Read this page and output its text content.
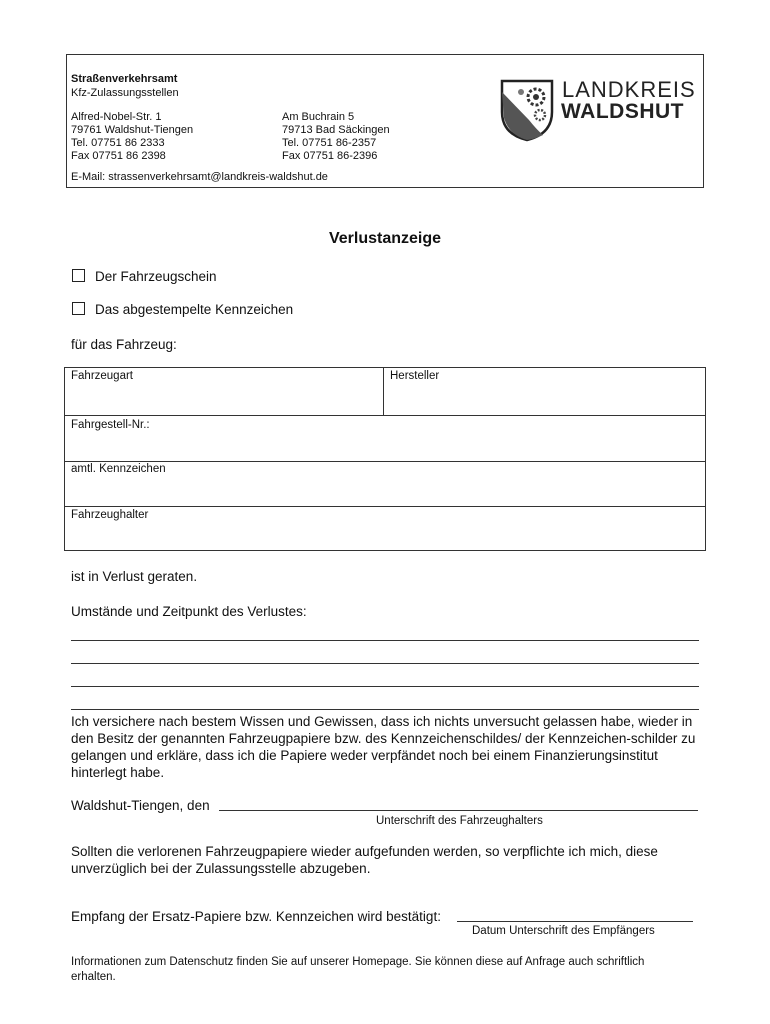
Straßenverkehrsamt
Kfz-Zulassungsstellen
Alfred-Nobel-Str. 1
79761 Waldshut-Tiengen
Tel. 07751 86 2333
Fax 07751 86 2398
Am Buchrain 5
79713 Bad Säckingen
Tel. 07751 86-2357
Fax 07751 86-2396
E-Mail: strassenverkehrsamt@landkreis-waldshut.de
LANDKREIS
WALDSHUT
Verlustanzeige
Der Fahrzeugschein
Das abgestempelte Kennzeichen
für das Fahrzeug:
Fahrzeugart	Hersteller
Fahrgestell-Nr.:
amtl. Kennzeichen
Fahrzeughalter
ist in Verlust geraten.
Umstände und Zeitpunkt des Verlustes:
Ich versichere nach bestem Wissen und Gewissen, dass ich nichts unversucht gelassen habe, wieder in den Besitz der genannten Fahrzeugpapiere bzw. des Kennzeichenschildes/ der Kennzeichen-schilder zu gelangen und erkläre, dass ich die Papiere weder verpfändet noch bei einem Finanzierungsinstitut hinterlegt habe.
Waldshut-Tiengen, den
Unterschrift des Fahrzeughalters
Sollten die verlorenen Fahrzeugpapiere wieder aufgefunden werden, so verpflichte ich mich, diese unverzüglich bei der Zulassungsstelle abzugeben.
Empfang der Ersatz-Papiere bzw. Kennzeichen wird bestätigt:
Datum Unterschrift des Empfängers
Informationen zum Datenschutz finden Sie auf unserer Homepage. Sie können diese auf Anfrage auch schriftlich erhalten.
